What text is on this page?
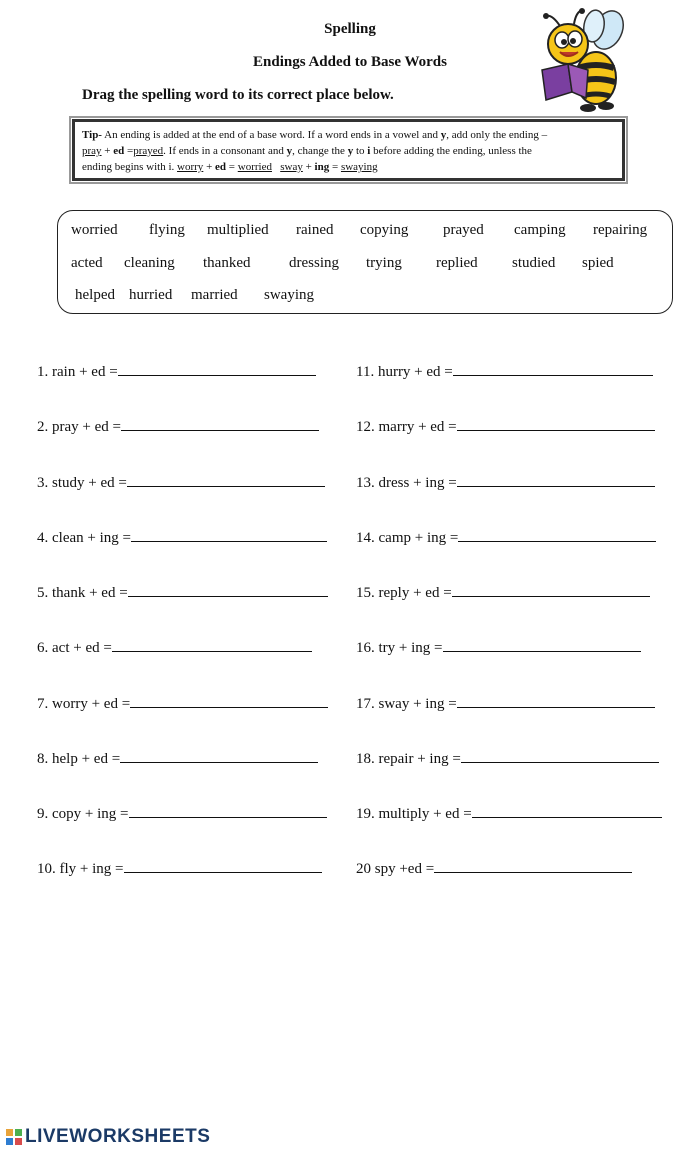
Spelling
Endings Added to Base Words
Drag the spelling word to its correct place below.
Tip- An ending is added at the end of a base word. If a word ends in a vowel and y, add only the ending –
pray + ed =prayed. If ends in a consonant and y, change the y to i before adding the ending, unless the
ending begins with i. worry + ed = worried sway + ing = swaying
worried flying multiplied rained copying prayed camping repairing
acted cleaning thanked	dressing trying replied studied spied
helped hurried married swaying
1. rain + ed =
2. pray + ed =
3. study + ed =
4. clean + ing =
5. thank + ed =
6. act + ed =
7. worry + ed =
8. help + ed =
9. copy + ing =
10. fly + ing =
11. hurry + ed =
12. marry + ed =
13. dress + ing =
14. camp + ing =
15. reply + ed =
16. try + ing =
17. sway + ing =
18. repair + ing =
19. multiply + ed =
20 spy +ed =
LIVEWORKSHEETS
